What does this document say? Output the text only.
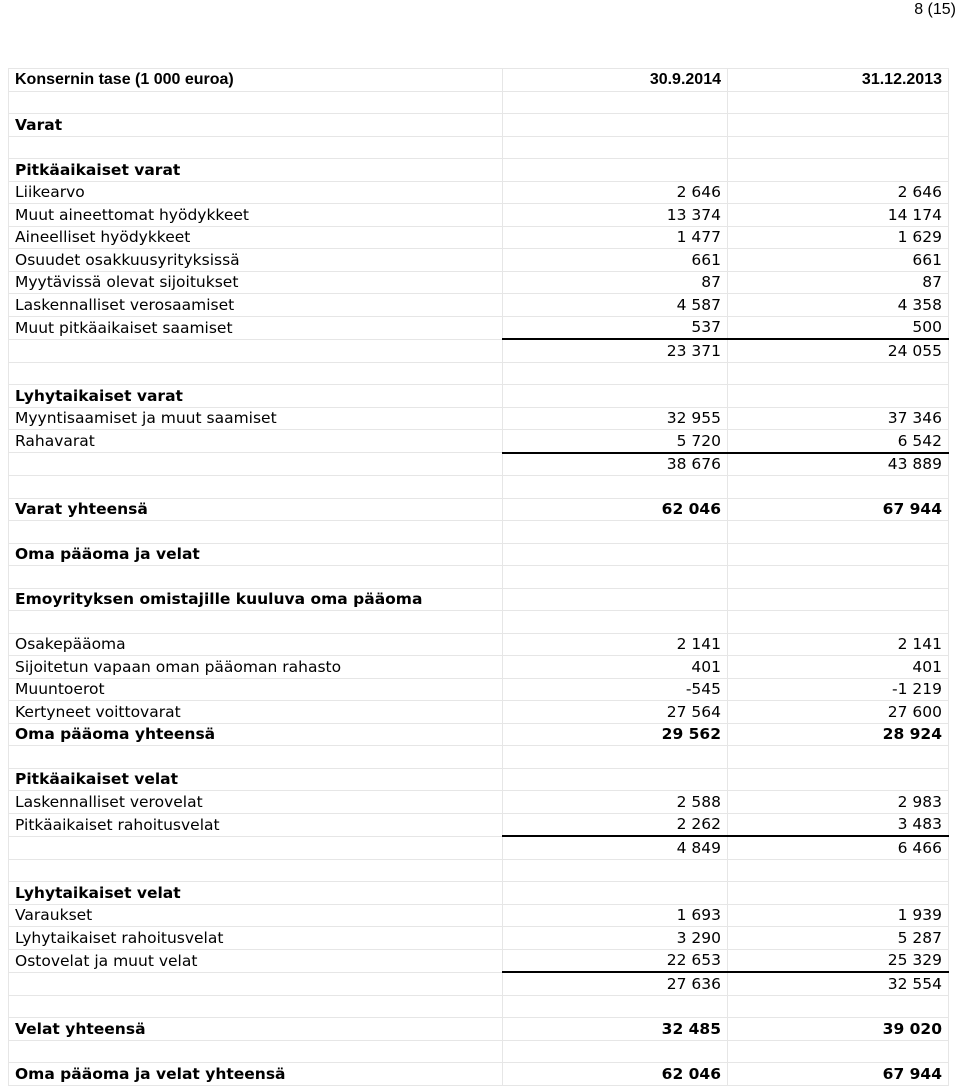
8 (15)
Konsernin tase (1 000 euroa)	30.9.2014	31.12.2013

Varat		

Pitkäaikaiset varat		
Liikearvo	2 646	2 646
Muut aineettomat hyödykkeet	13 374	14 174
Aineelliset hyödykkeet	1 477	1 629
Osuudet osakkuusyrityksissä	661	661
Myytävissä olevat sijoitukset	87	87
Laskennalliset verosaamiset	4 587	4 358
Muut pitkäaikaiset saamiset	537	500
	23 371	24 055

Lyhytaikaiset varat		
Myyntisaamiset ja muut saamiset	32 955	37 346
Rahavarat	5 720	6 542
	38 676	43 889

Varat yhteensä	62 046	67 944

Oma pääoma ja velat		

Emoyrityksen omistajille kuuluva oma pääoma		

Osakepääoma	2 141	2 141
Sijoitetun vapaan oman pääoman rahasto	401	401
Muuntoerot	-545	-1 219
Kertyneet voittovarat	27 564	27 600
Oma pääoma yhteensä	29 562	28 924

Pitkäaikaiset velat		
Laskennalliset verovelat	2 588	2 983
Pitkäaikaiset rahoitusvelat	2 262	3 483
	4 849	6 466

Lyhytaikaiset velat		
Varaukset	1 693	1 939
Lyhytaikaiset rahoitusvelat	3 290	5 287
Ostovelat ja muut velat	22 653	25 329
	27 636	32 554

Velat yhteensä	32 485	39 020

Oma pääoma ja velat yhteensä	62 046	67 944
